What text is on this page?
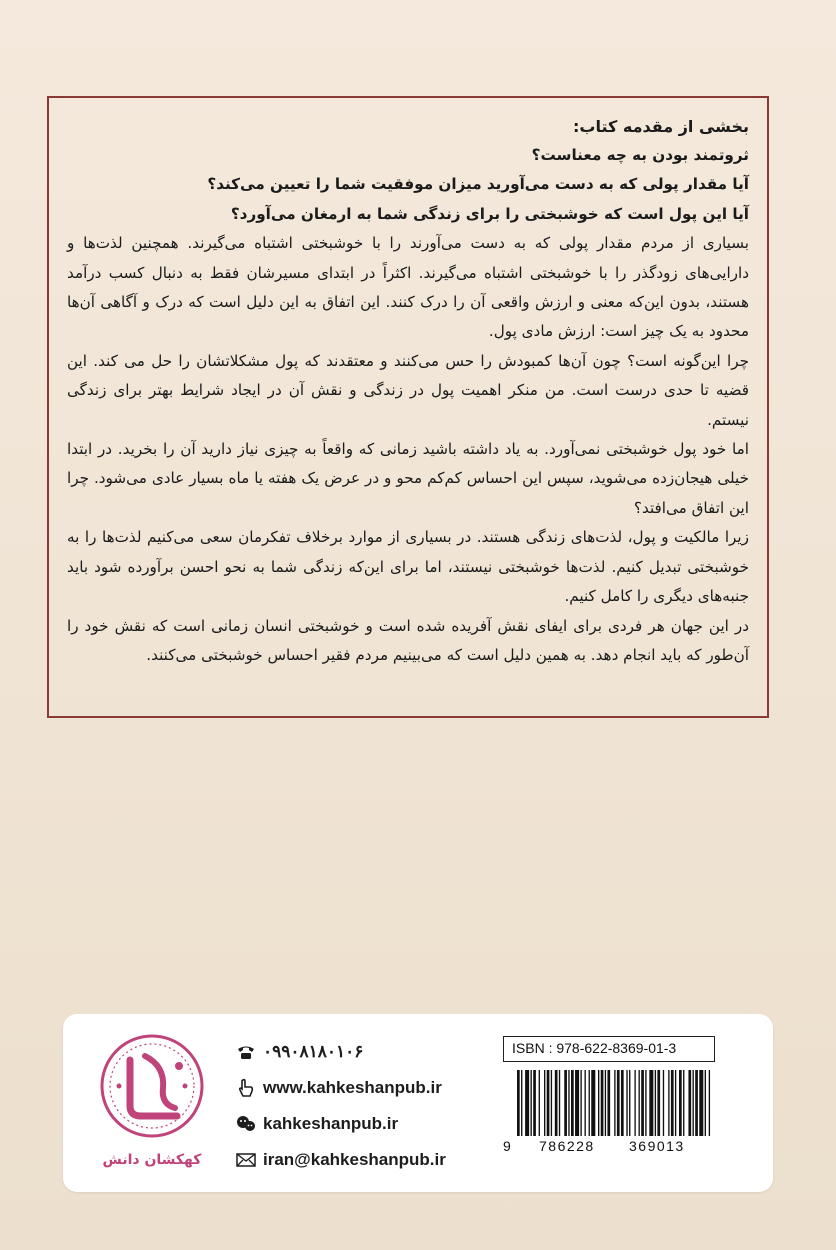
بخشی از مقدمه کتاب:

ثروتمند بودن به چه معناست؟

آیا مقدار پولی که به دست می‌آورید میزان موفقیت شما را تعیین می‌کند؟

آیا این پول است که خوشبختی را برای زندگی شما به ارمغان می‌آورد؟

بسیاری از مردم مقدار پولی که به دست می‌آورند را با خوشبختی اشتباه می‌گیرند. همچنین لذت‌ها و دارایی‌های زودگذر را با خوشبختی اشتباه می‌گیرند. اکثراً در ابتدای مسیرشان فقط به دنبال کسب درآمد هستند، بدون این‌که معنی و ارزش واقعی آن را درک کنند. این اتفاق به این دلیل است که درک و آگاهی آن‌ها محدود به یک چیز است: ارزش مادی پول.

چرا این‌گونه است؟ چون آن‌ها کمبودش را حس می‌کنند و معتقدند که پول مشکلاتشان را حل می کند. این قضیه تا حدی درست است. من منکر اهمیت پول در زندگی و نقش آن در ایجاد شرایط بهتر برای زندگی نیستم.

اما خود پول خوشبختی نمی‌آورد. به یاد داشته باشید زمانی که واقعاً به چیزی نیاز دارید آن را بخرید. در ابتدا خیلی هیجان‌زده می‌شوید، سپس این احساس کم‌کم محو و در عرض یک هفته یا ماه بسیار عادی می‌شود. چرا این اتفاق می‌افتد؟

زیرا مالکیت و پول، لذت‌های زندگی هستند. در بسیاری از موارد برخلاف تفکرمان سعی می‌کنیم لذت‌ها را به خوشبختی تبدیل کنیم. لذت‌ها خوشبختی نیستند، اما برای این‌که زندگی شما به نحو احسن برآورده شود باید جنبه‌های دیگری را کامل کنیم.

در این جهان هر فردی برای ایفای نقش آفریده شده است و خوشبختی انسان زمانی است که نقش خود را آن‌طور که باید انجام دهد. به همین دلیل است که می‌بینیم مردم فقیر احساس خوشبختی می‌کنند.

کهکشان دانش
۰۹۹۰۸۱۸۰۱۰۶
www.kahkeshanpub.ir
kahkeshanpub.ir
iran@kahkeshanpub.ir
ISBN : 978-622-8369-01-3
9 786228 369013
